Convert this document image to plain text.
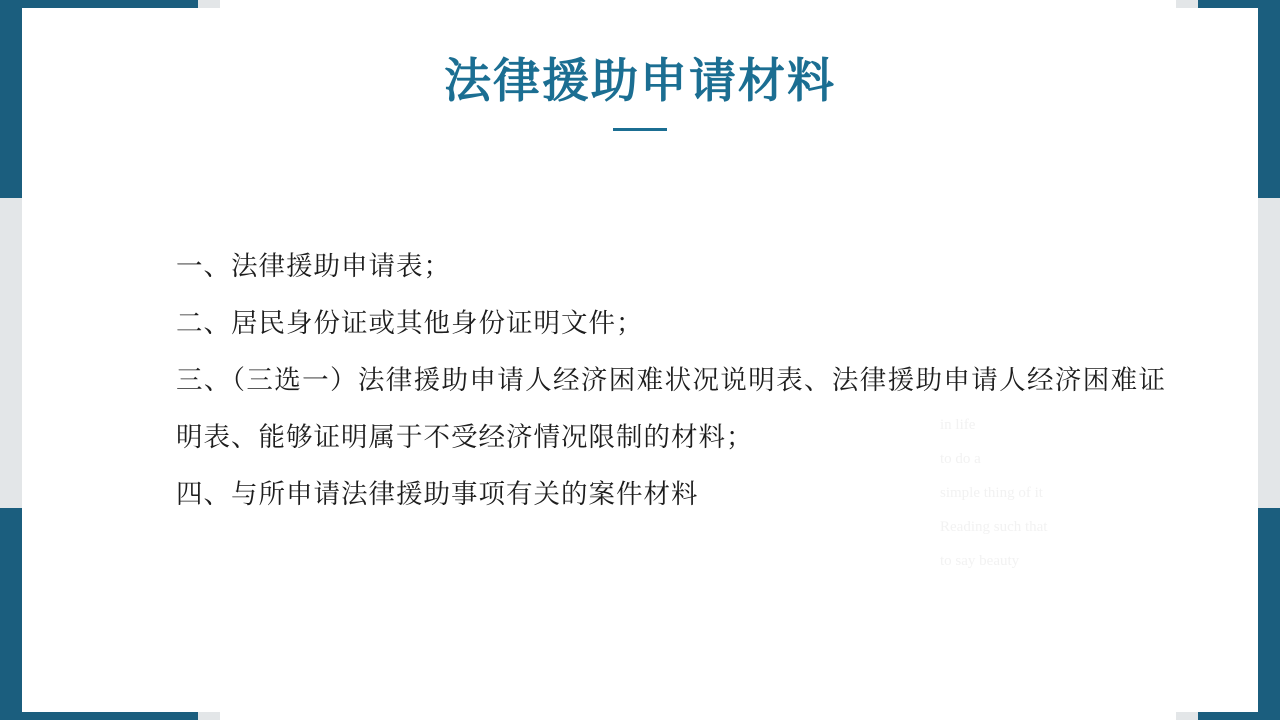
法律援助申请材料
in life
to do a
simple thing of it
Reading such that
to say beauty

一、法律援助申请表；

二、居民身份证或其他身份证明文件；

三、（三选一）法律援助申请人经济困难状况说明表、法律援助申请人经济困难证明表、能够证明属于不受经济情况限制的材料；

四、与所申请法律援助事项有关的案件材料
